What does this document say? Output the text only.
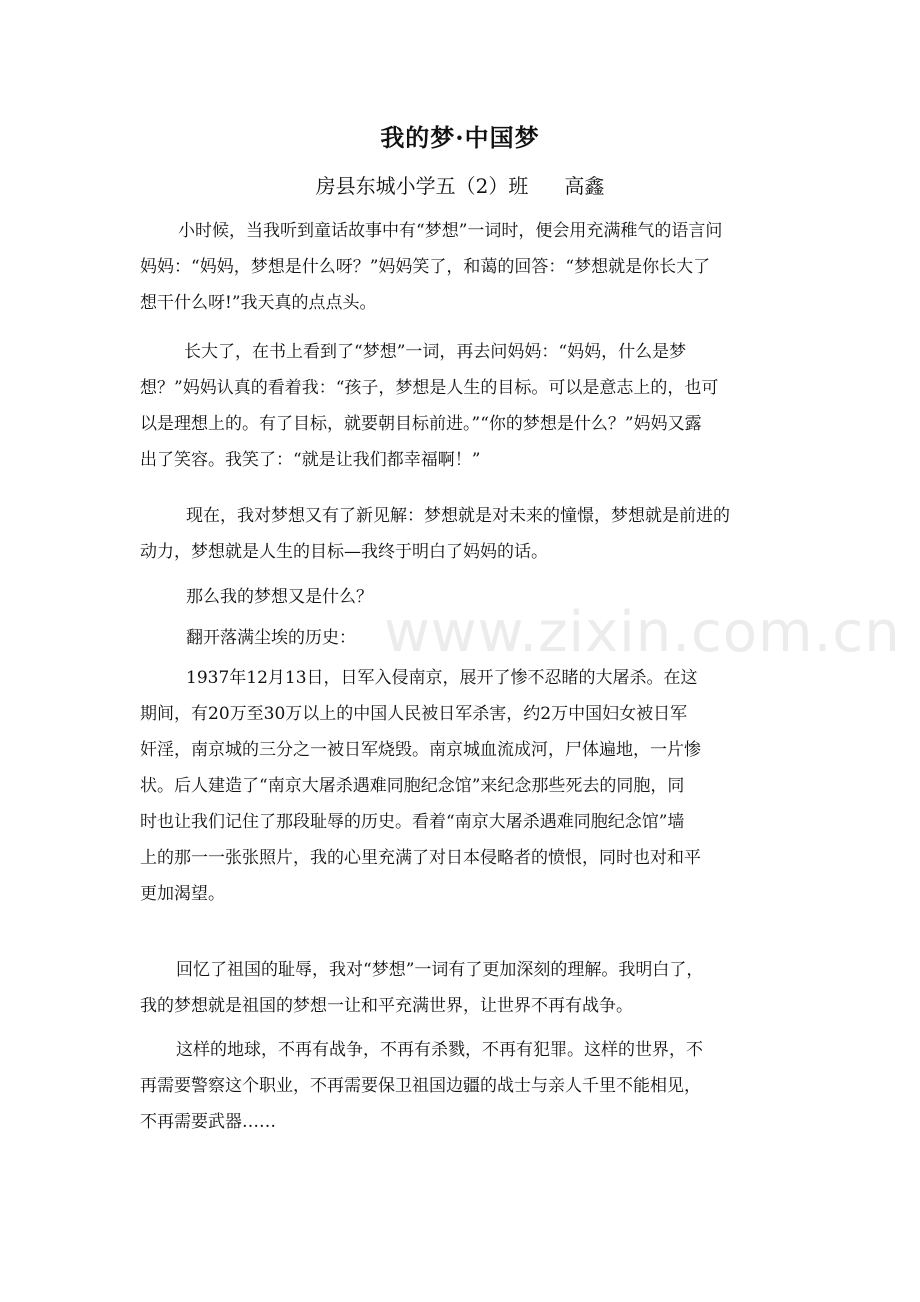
我的梦·中国梦
房县东城小学五（2）班 高鑫
www.zixin.com.cn
小时候，当我听到童话故事中有“梦想”一词时，便会用充满稚气的语言问
妈妈：“妈妈，梦想是什么呀？”妈妈笑了，和蔼的回答：“梦想就是你长大了
想干什么呀!”我天真的点点头。
长大了，在书上看到了“梦想”一词，再去问妈妈：“妈妈，什么是梦
想？”妈妈认真的看着我：“孩子，梦想是人生的目标。可以是意志上的，也可
以是理想上的。有了目标，就要朝目标前进。”“你的梦想是什么？”妈妈又露
出了笑容。我笑了：“就是让我们都幸福啊！”
现在，我对梦想又有了新见解：梦想就是对未来的憧憬，梦想就是前进的
动力，梦想就是人生的目标—我终于明白了妈妈的话。
那么我的梦想又是什么？
翻开落满尘埃的历史：
1937年12月13日，日军入侵南京，展开了惨不忍睹的大屠杀。在这
期间，有20万至30万以上的中国人民被日军杀害，约2万中国妇女被日军
奸淫，南京城的三分之一被日军烧毁。南京城血流成河，尸体遍地，一片惨
状。后人建造了“南京大屠杀遇难同胞纪念馆”来纪念那些死去的同胞，同
时也让我们记住了那段耻辱的历史。看着“南京大屠杀遇难同胞纪念馆”墙
上的那一一张张照片，我的心里充满了对日本侵略者的愤恨，同时也对和平
更加渴望。
回忆了祖国的耻辱，我对“梦想”一词有了更加深刻的理解。我明白了，
我的梦想就是祖国的梦想一让和平充满世界，让世界不再有战争。
这样的地球，不再有战争，不再有杀戮，不再有犯罪。这样的世界，不
再需要警察这个职业，不再需要保卫祖国边疆的战士与亲人千里不能相见，
不再需要武器……
